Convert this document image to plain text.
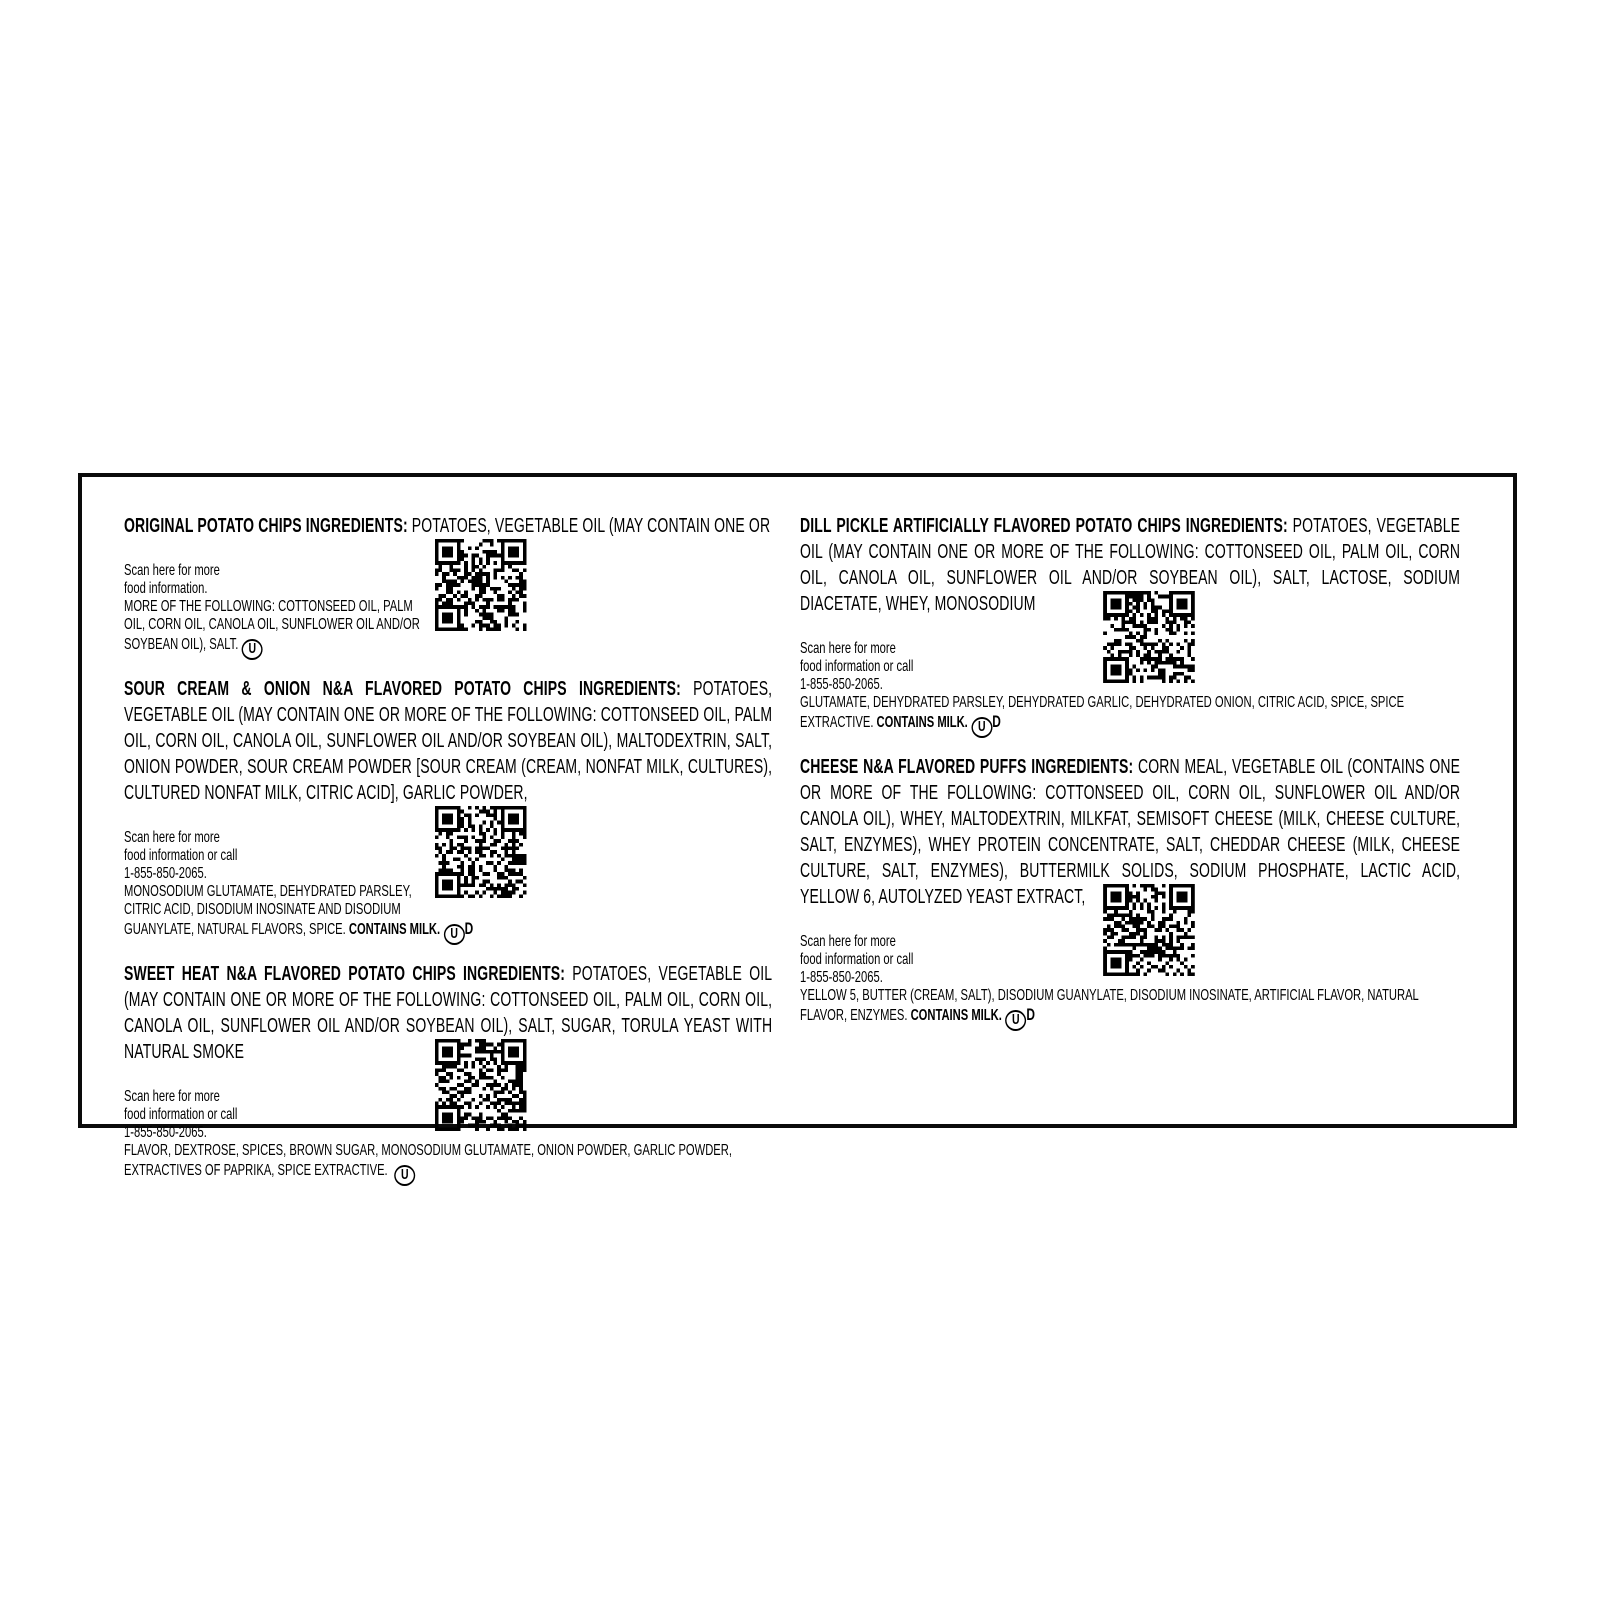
ORIGINAL POTATO CHIPS INGREDIENTS: POTATOES, VEGETABLE OIL (MAY CONTAIN ONE OR

Scan here for more
food information.
MORE OF THE FOLLOWING: COTTONSEED OIL, PALM OIL, CORN OIL, CANOLA OIL, SUNFLOWER OIL AND/OR SOYBEAN OIL), SALT. U

SOUR CREAM & ONION N&A FLAVORED POTATO CHIPS INGREDIENTS: POTATOES, VEGETABLE OIL (MAY CONTAIN ONE OR MORE OF THE FOLLOWING: COTTONSEED OIL, PALM OIL, CORN OIL, CANOLA OIL, SUNFLOWER OIL AND/OR SOYBEAN OIL), MALTODEXTRIN, SALT, ONION POWDER, SOUR CREAM POWDER [SOUR CREAM (CREAM, NONFAT MILK, CULTURES), CULTURED NONFAT MILK, CITRIC ACID], GARLIC POWDER,

Scan here for more
food information or call
1-855-850-2065.
MONOSODIUM GLUTAMATE, DEHYDRATED PARSLEY, CITRIC ACID, DISODIUM INOSINATE AND DISODIUM GUANYLATE, NATURAL FLAVORS, SPICE. CONTAINS MILK. U D

SWEET HEAT N&A FLAVORED POTATO CHIPS INGREDIENTS: POTATOES, VEGETABLE OIL (MAY CONTAIN ONE OR MORE OF THE FOLLOWING: COTTONSEED OIL, PALM OIL, CORN OIL, CANOLA OIL, SUNFLOWER OIL AND/OR SOYBEAN OIL), SALT, SUGAR, TORULA YEAST WITH NATURAL SMOKE

Scan here for more
food information or call
1-855-850-2065.
FLAVOR, DEXTROSE, SPICES, BROWN SUGAR, MONOSODIUM GLUTAMATE, ONION POWDER, GARLIC POWDER, EXTRACTIVES OF PAPRIKA, SPICE EXTRACTIVE. U

DILL PICKLE ARTIFICIALLY FLAVORED POTATO CHIPS INGREDIENTS: POTATOES, VEGETABLE OIL (MAY CONTAIN ONE OR MORE OF THE FOLLOWING: COTTONSEED OIL, PALM OIL, CORN OIL, CANOLA OIL, SUNFLOWER OIL AND/OR SOYBEAN OIL), SALT, LACTOSE, SODIUM DIACETATE, WHEY, MONOSODIUM

Scan here for more
food information or call
1-855-850-2065.
GLUTAMATE, DEHYDRATED PARSLEY, DEHYDRATED GARLIC, DEHYDRATED ONION, CITRIC ACID, SPICE, SPICE EXTRACTIVE. CONTAINS MILK. U D

CHEESE N&A FLAVORED PUFFS INGREDIENTS: CORN MEAL, VEGETABLE OIL (CONTAINS ONE OR MORE OF THE FOLLOWING: COTTONSEED OIL, CORN OIL, SUNFLOWER OIL AND/OR CANOLA OIL), WHEY, MALTODEXTRIN, MILKFAT, SEMISOFT CHEESE (MILK, CHEESE CULTURE, SALT, ENZYMES), WHEY PROTEIN CONCENTRATE, SALT, CHEDDAR CHEESE (MILK, CHEESE CULTURE, SALT, ENZYMES), BUTTERMILK SOLIDS, SODIUM PHOSPHATE, LACTIC ACID, YELLOW 6, AUTOLYZED YEAST EXTRACT,

Scan here for more
food information or call
1-855-850-2065.
YELLOW 5, BUTTER (CREAM, SALT), DISODIUM GUANYLATE, DISODIUM INOSINATE, ARTIFICIAL FLAVOR, NATURAL FLAVOR, ENZYMES. CONTAINS MILK. U D
